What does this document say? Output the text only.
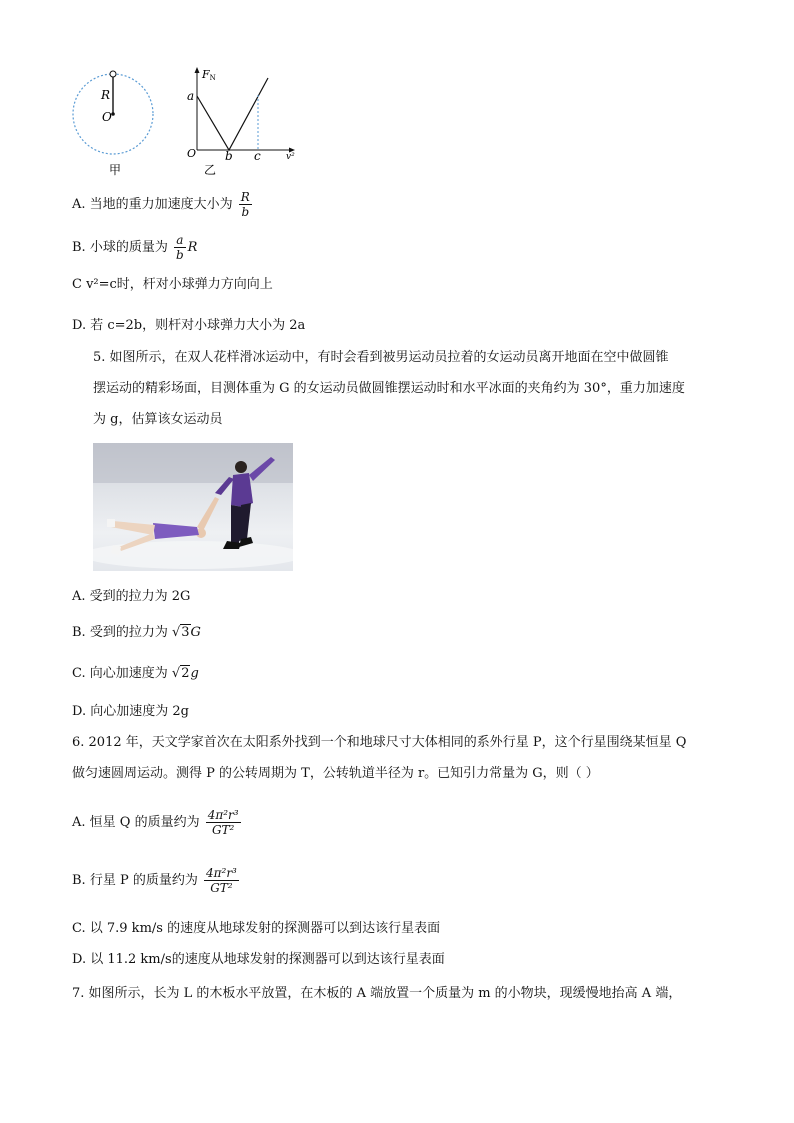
R
O
甲
FN
a
O b c	v²
乙
A. 当地的重力加速度大小为 $\frac{R}{b}$
B. 小球的质量为 $\frac{a}{b}$ R
C v²=c时，杆对小球弹力方向向上
D. 若 c=2b，则杆对小球弹力大小为 2a
5. 如图所示，在双人花样滑冰运动中，有时会看到被男运动员拉着的女运动员离开地面在空中做圆锥
摆运动的精彩场面，目测体重为 G 的女运动员做圆锥摆运动时和水平冰面的夹角约为 30°，重力加速度
为 g，估算该女运动员
A. 受到的拉力为 2G
B. 受到的拉力为 √3G
C. 向心加速度为 √2g
D. 向心加速度为 2g
6. 2012 年，天文学家首次在太阳系外找到一个和地球尺寸大体相同的系外行星 P，这个行星围绕某恒星 Q
做匀速圆周运动。测得 P 的公转周期为 T，公转轨道半径为 r。已知引力常量为 G，则（ ）
A. 恒星 Q 的质量约为 $\frac{\text{4π²r³}}{\text{GT²}}$
B. 行星 P 的质量约为 $\frac{\text{4π²r³}}{\text{GT²}}$
C. 以 7.9 km/s 的速度从地球发射的探测器可以到达该行星表面
D. 以 11.2 km/s的速度从地球发射的探测器可以到达该行星表面
7. 如图所示，长为 L 的木板水平放置，在木板的 A 端放置一个质量为 m 的小物块，现缓慢地抬高 A 端，
